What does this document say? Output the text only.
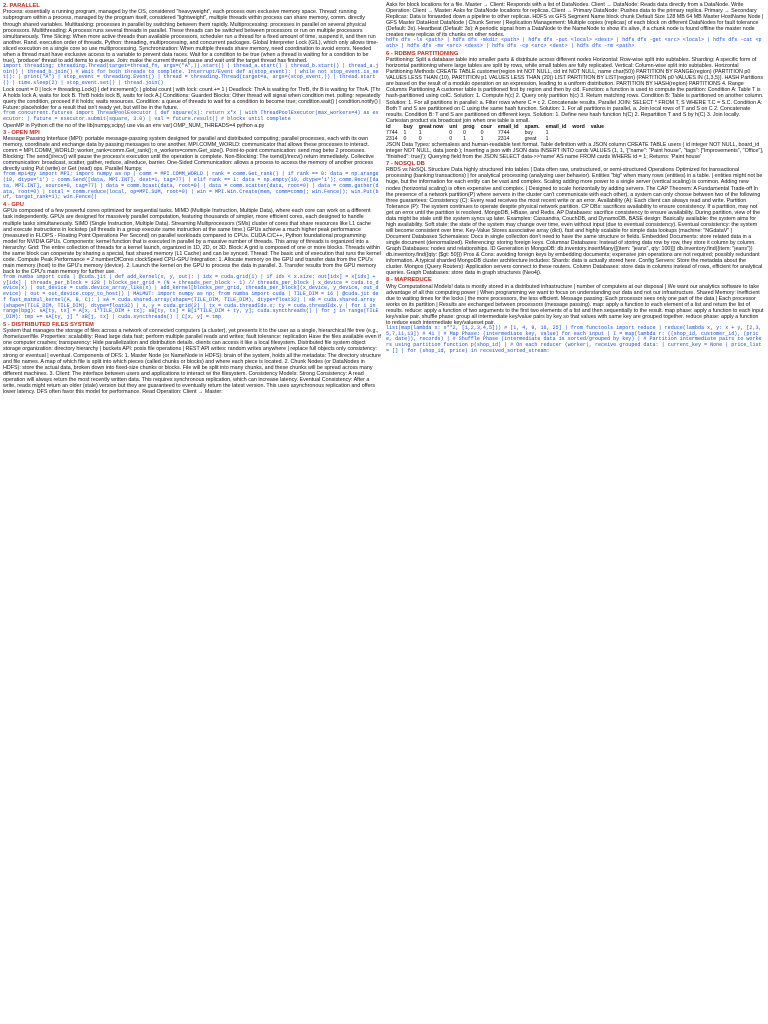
2. PARALLEL

Process: essentially a running program, managed by the OS, considered "heavyweight", each process own exclusive memory space. Thread: running subprogram within a process, managed by the program itself, considered "lightweight", multiple threads within process can share memory, comm. directly through shared variables. Multitasking: processes in parallel by switching between them rapidly. Multiprocessing: processes in parallel on several physical processors. Multithreading: A process runs several threads in parallel. These threads can be switched between processors or run on multiple processors simultaneously. Time Slicing: When more active threads than available processors, scheduler run a thread for a fixed amount of time, suspend it, and then run another. Rand. execution order of threads. Python: threading, multiprocessing, and concurrent packages. Global Interpreter Lock (GIL), which only allows time-sliced execution on a single core so use multiprocessing. Synchronization: When multiple threads share memory, need coordination to avoid errors. Needed when a thread must have exclusive access to a variable to prevent data races. Wait for a condition to be true (when a thread is waiting for a condition to be true), 'producer' thread to add items to a queue. Join: make the current thread pause and wait until the target thread has finished.

import threading; threading.Thread(target=thread_fn, args=("A",)).start() | thread_a.start() | thread_b.start() | thread_a.join() | thread_b.join() # Wait for both threads to complete. Interrupt/Event def a(stop_event): | while not stop_event.is_set(): | print("A") | stop_event = threading.Event() | thread = threading.Thread(target=a, args=(stop_event,)) | thread.start() | time.sleep(2) | stop_event.set() | thread.join()

Lock count = 0 | lock = threading.Lock() | def increment(): | global count | with lock: count += 1 | Deadlock: ThrA is waiting for ThrB, thr B is waiting for ThrA. [Thr A holds lock A, waits for lock B. ThrB holds lock B, waits for lock A.] Conditions: Guarded Blocks: Other thread will signal when condition met. polling: repeatedly query the condition, proceed if it holds; waits resources. Condition: a queue of threads to wait for a condition to become true; condition.wait() | condition.notify() | Future: placeholder for a result that isn't ready yet, but will be in the future.

from concurrent.futures import ThreadPoolExecutor | def square(x): return x*x | with ThreadPoolExecutor(max_workers=4) as executor: | future = executor.submit(square, 3.0) | val = future.result() # blocks until complete

OpenMP in Python cfl the no of the lib(numpy,scipy) use via an env var] OMP_NUM_THREADS=4 python a.py

3 - OPEN MPI

Message Passing Interface (MPI): portable message-passing system designed for parallel and distributed computing; parallel processes, each with its own memory, coordinate and exchange data by passing messages to one another. MPI.COMM_WORLD: communicator that allows these processes to interact. comm = MPI.COMM_WORLD; worker_rank=comm.Get_rank(); n_workers=comm.Get_size(). Point-to-point communication: send msg betw 2 processes. Blocking: The send()/recv() will pause the process's execution until the operation is complete. Non-Blocking: The isend()/irecv() return immediately. Collective communication: broadcast, scatter, gather, reduce, allreduce, barrier. One-Sided Communication: allows a process to access the memory of another process directly using Put (write) or Get (read) ops. Parallel Numpy.

from mpi4py import MPI; import numpy as np | comm = MPI.COMM_WORLD | rank = comm.Get_rank() | if rank == 0: data = np.arange(10, dtype='i') ; comm.Send([data, MPI.INT], dest=1, tag=77) | elif rank == 1: data = np.empty(10, dtype='i'); comm.Recv([data, MPI.INT], source=0, tag=77) | data = comm.bcast(data, root=0) | data = comm.scatter(data, root=0) | data = comm.gather(data, root=0) | total = comm.reduce(local, op=MPI.SUM, root=0) | win = MPI.Win.Create(mem, comm=comm); win.Fence(); win.Put(buf, target_rank=1); win.Fence()
4 - GPU

GPUs composed of a few powerful cores optimized for sequential tasks. MIMD (Multiple Instruction, Multiple Data), where each core can work on a different task independently. GPUs are designed for massively parallel computation, featuring thousands of simpler, more efficient cores, each designed to handle multiple tasks simultaneously. SIMD (Single Instruction, Multiple Data). Streaming Multiprocessors (SMs) cluster of cores that share resources like L1 cache and execute instructions in lockstep (all threads in a group execute same instruction at the same time.) GPUs achieve a much higher peak performance (measured in FLOPS - Floating Point Operations Per Second) on parallel workloads compared to CPUs. CUDA C/C++, Python foundational programming model for NVIDIA GPUs. Components: kernel function that is executed in parallel by a massive number of threads. This array of threads is organized into a hierarchy: Grid: The entire collection of threads for a kernel launch, organized in 1D, 2D, or 3D. Block: A grid is composed of one or more blocks. Threads within the same block can cooperate by sharing a special, fast shared memory (L1 Cache) and can be synced. Thread: The basic unit of execution that runs the kernel code. Compute Peak Performance = 2 numberOfCores clockSpeed CPU-GPU Integration: 1. Allocate memory on the GPU and transfer data from the CPU's main memory (host) to the GPU's memory (device). 2. Launch the kernel on the GPU to process the data in parallel. 3. Transfer results from the GPU memory back to the CPU's main memory for further use.

from numba import cuda | @cuda.jit | def add_kernel(x, y, out): | idx = cuda.grid(1) | if idx < x.size: out[idx] = x[idx] + y[idx] | threads_per_block = 128 | blocks_per_grid = (N + threads_per_block - 1) // threads_per_block | x_device = cuda.to_device(x) | out_device = cuda.device_array_like(x) | add_kernel[blocks_per_grid, threads_per_block](x_device, y_device, out_device) | out = out_device.copy_to_host() | MALMUT: import numpy as np; from numba import cuda | TILE_DIM = 16 | @cuda.jit def fast_matmul_kernel(A, B, C): | sA = cuda.shared.array(shape=(TILE_DIM, TILE_DIM), dtype=float32) | sB = cuda.shared.array(shape=(TILE_DIM, TILE_DIM), dtype=float32) | x, y = cuda.grid(2) | tx = cuda.threadIdx.x; ty = cuda.threadIdx.y | for i in range(bpg): sA[ty, tx] = A[x, i*TILE_DIM + tx]; sB[ty, tx] = B[i*TILE_DIM + ty, y]; cuda.syncthreads() | for j in range(TILE_DIM): tmp += sA[ty, j] * sB[j, tx] | cuda.syncthreads() | C[x, y] = tmp
5 - DISTRIBUTED FILES SYSTEM

System that manages the storage of files across a network of connected computers (a cluster), yet presents it to the user as a single, hierarchical file tree (e.g., /home/user/file. Properties: scalability: Read large data fast; perform multiple parallel reads and writes; fault tolerance: replication Have the files available even if one computer crashes; transparency: Hide parallelization and distribution details. clients can access it like a local filesystem. Distributed file system object storage organization: directory hierarchy | buckets API: posix file operations | REST API writes: random writes anywhere | replace full objects only consistency: strong or eventual | eventual. Components of DFS: 1. Master Node (or NameNode in HDFS): brain of the system, holds all the metadata: The directory structure and file names. A map of which file is split into which pieces (called chunks or blocks) and where each piece is located. 2. Chunk Nodes (or DataNodes in HDFS): store the actual data, broken down into fixed-size chunks or blocks. File will be split into many chunks, and these chunks will be spread across many different machines. 3. Client: The interface between users and applications to interact w/ the filesystem. Consistency Models: Strong Consistency: A read operation will always return the most recently written data. This requires synchronous replication, which can increase latency. Eventual Consistency: After a write, reads might return an older (stale) version but they are guaranteed to eventually return the latest version. This uses asynchronous replication and offers lower latency. DFS often favor this model for performance. Read Operation: Client → Master:

Asks for block locations for a file. Master → Client: Responds with a list of DataNodes. Client → DataNode: Reads data directly from a DataNode. Write Operation: Client → Master: Asks for DataNode locations for replicas. Client → Primary DataNode: Pushes data to the primary replica. Primary → Secondary Replicas: Data is forwarded down a pipeline to other replicas. HDFS vs GFS Segment Name block chunk Default Size 128 MB 64 MB Master HostName Node | GFS Master DataHost DataNode | Chunk Server | Replication Management: Multiple copies (replicas) of each block on different DataNodes for fault tolerance (Default: 3x). Heartbeat (Default: 3s): A periodic signal from a DataNode to the NameNode to show it's alive, if a chunk node is found offline the master node creates new replicas of its chunks on other nodes.

hdfs dfs -ls <path> | hdfs dfs -mkdir <path> | hdfs dfs -put <local> <dest> | hdfs dfs -get <src> <local> | hdfs dfs -cat <path> | hdfs dfs -mv <src> <dest> | hdfs dfs -cp <src> <dest> | hdfs dfs -rm <path>
6 - RDBMS PARTITIONING

Partitioning: Split a database table into smaller parts & distribute across different nodes Horizontal: Row-wise split into subtables. Sharding: A specific form of horizontal partitioning where large tables are split by rows, while small tables are fully replicated. Vertical: Column-wise split into subtables. Horizontal Partitioning Methods CREATE TABLE customer(region int NOT NULL, cid int NOT NULL, name char(50)) PARTITION BY RANGE(region) (PARTITION p0 VALUES LESS THAN (10), PARTITION p1 VALUES LESS THAN (20)) LIST PARTITION BY LIST(region) (PARTITION p0 VALUES IN (1,3,5)). HASH Partitions are based on the result of a modulo operation on an expression, leading to a uniform distribution. PARTITION BY HASH(region) PARTITIONS 4. Range Columns Partitioning A customer table is partitioned first by region and then by cid. Function: a function is used to compute the partition: Condition A: Table T is hash-partitioned using colC. Solution: 1. Compute h(c) 2. Query only partition h(c) 3. Return matching rows. Condition B: Table is partitioned on another column. Solution: 1. For all partitions in parallel: a. Filter rows where C = c 2. Concatenate results. Parallel JOIN: SELECT * FROM T, S WHERE T.C = S.C. Condition A: Both T and S are partitioned on C using the same hash function. Solution: 1. For all partitions in parallel, a. Join local rows of T and S on C 2. Concatenate results. Condition B: T and S are partitioned on different keys. Solution: 1. Define new hash function h(C) 2. Repartition T and S by h(C) 3. Join locally. Cartesian product via broadcast join when one table is small.

id	buy	great now	uni	prog	cour	email_id	spam.	email_id	word	value
7744	1	1	0	0	0	7744	buy	1		
2314	0	0	0	1	1	2314	great	1		

JSON Data Types: schemaless and human-readable text format. Table definition with a JSON column CREATE TABLE users ( id integer NOT NULL, board_id integer NOT NULL, data jsonb ); Inserting a json with JSON data INSERT INTO cards VALUES (1, 1, '{"name": "Paint house", "tags": ["Improvements", "Office"], "finished": true}'); Querying field from the JSON SELECT data->>'name' AS name FROM cards WHERE id = 1; Returns: 'Paint house'

7 - NOSQL DB

RBDS vs NoSQL Structure Data highly structured into tables | Data often raw, unstructured, or semi-structured Operations Optimized for transactional processing (banking transactions) | for analytical processing (analyzing user behavior). Entities "big" when many rows (entities) in a table. | entities might not be huge, but the information for each entity can be vast and complex. Scaling adding more power to a single server (vertical scaling) is common. Adding new nodes (horizontal scaling) is often expensive and complex. | Designed to scale horizontally by adding servers. The CAP Theorem: A Fundamental Trade-off In the presence of a network partition(P) where servers in the cluster can't communicate with each other), a system can only choose between two of the following three guarantees: Consistency (C): Every read receives the most recent write or an error. Availability (A): Each client can always read and write. Partition Tolerance (P): The system continues to operate despite physical network partition. CP DBs: sacrifices availability to ensure consistency. If a partition, may not get an error until the partition is resolved. MongoDB, HBase, and Redis. AP Databases: sacrifice consistency to ensure availability. During partition, view of the data might be stale until the system syncs up later. Examples: Cassandra, CouchDB, and DynamoDB. BASE design: Basically available: the system aims for high availability. Soft state: the state of the system may change over time, even without input (due to eventual consistency). Eventual consistency: the system will become consistent over time. Key-Value Stores associative array (dict). fast and highly scalable for simple data lookups (machine: "NGdataV" )

Document Databases Schemaless: Docs in single collection don't need to have the same structure or fields. Embedded Documents: store related data in a single document (denormalized). Referencing: storing foreign keys. Columnar Databases: Instead of storing data row by row, they store it column by column. Graph Databases: nodes and relationships. ID Generation in MongoDB: db.inventory.insertMany([{item: "jeans", qty: 100}]) db.inventory.find({item: "jeans"}) db.inventory.find({qty: {$gt: 50}}) Pros & Cons: avoiding foreign keys by embedding documents; expensive join operations are not required; possibly redundant information. A typical sharded MongoDB cluster architecture includes: Shards: data is actually stored here. Config Servers: Store the metadata about the cluster. Mongos (Query Routers): Application servers connect to these routers. Column Databases: store data in columns instead of rows, efficient for analytical queries. Graph Databases: store data in graph structures (Neo4j).

8 - MAPREDUCE

Why Computational Models! data is mostly stored in a distributed infrastructure | number of computers at our disposal | We want our analytics software to take advantage of all this computing power | When programming we want to focus on understanding our data and not our infrastructure. Shared Memory: inefficient due to waiting times for the locks | the more processors, the less efficient. Message passing: Each processor sees only one part of the data | Each processor works on its partition | Results are exchanged between processors (message passing). map: apply a function to each element of a list and return the list of results. reduce: apply a function of two arguments to the first two elements of a list and then sequentially to the result. map phase: apply a function to each input key/value pair. shuffle phase: group all intermediate key/value pairs by key so that values with same key are grouped together. reduce phase: apply a function to reduce each intermediate key/valueset pair.

list(map(lambda x: x**2, [1,2,3,4,5])) # [1, 4, 9, 16, 25] | from functools import reduce | reduce(lambda x, y: x + y, [2,3,5,7,11,13]) # 41 | # Map Phase: (intermediate key, value) for each input | I = map(lambda r: ((shop_id, customer_id), (price, date)), records) | # Shuffle Phase (intermediate data is sorted/grouped by key) | # Partition intermediate pairs to workers using partition function p(shop_id) | # On each reducer (worker), receive grouped data: | current_key = None | price_list = [] | for (shop_id, price) in received_sorted_stream:
